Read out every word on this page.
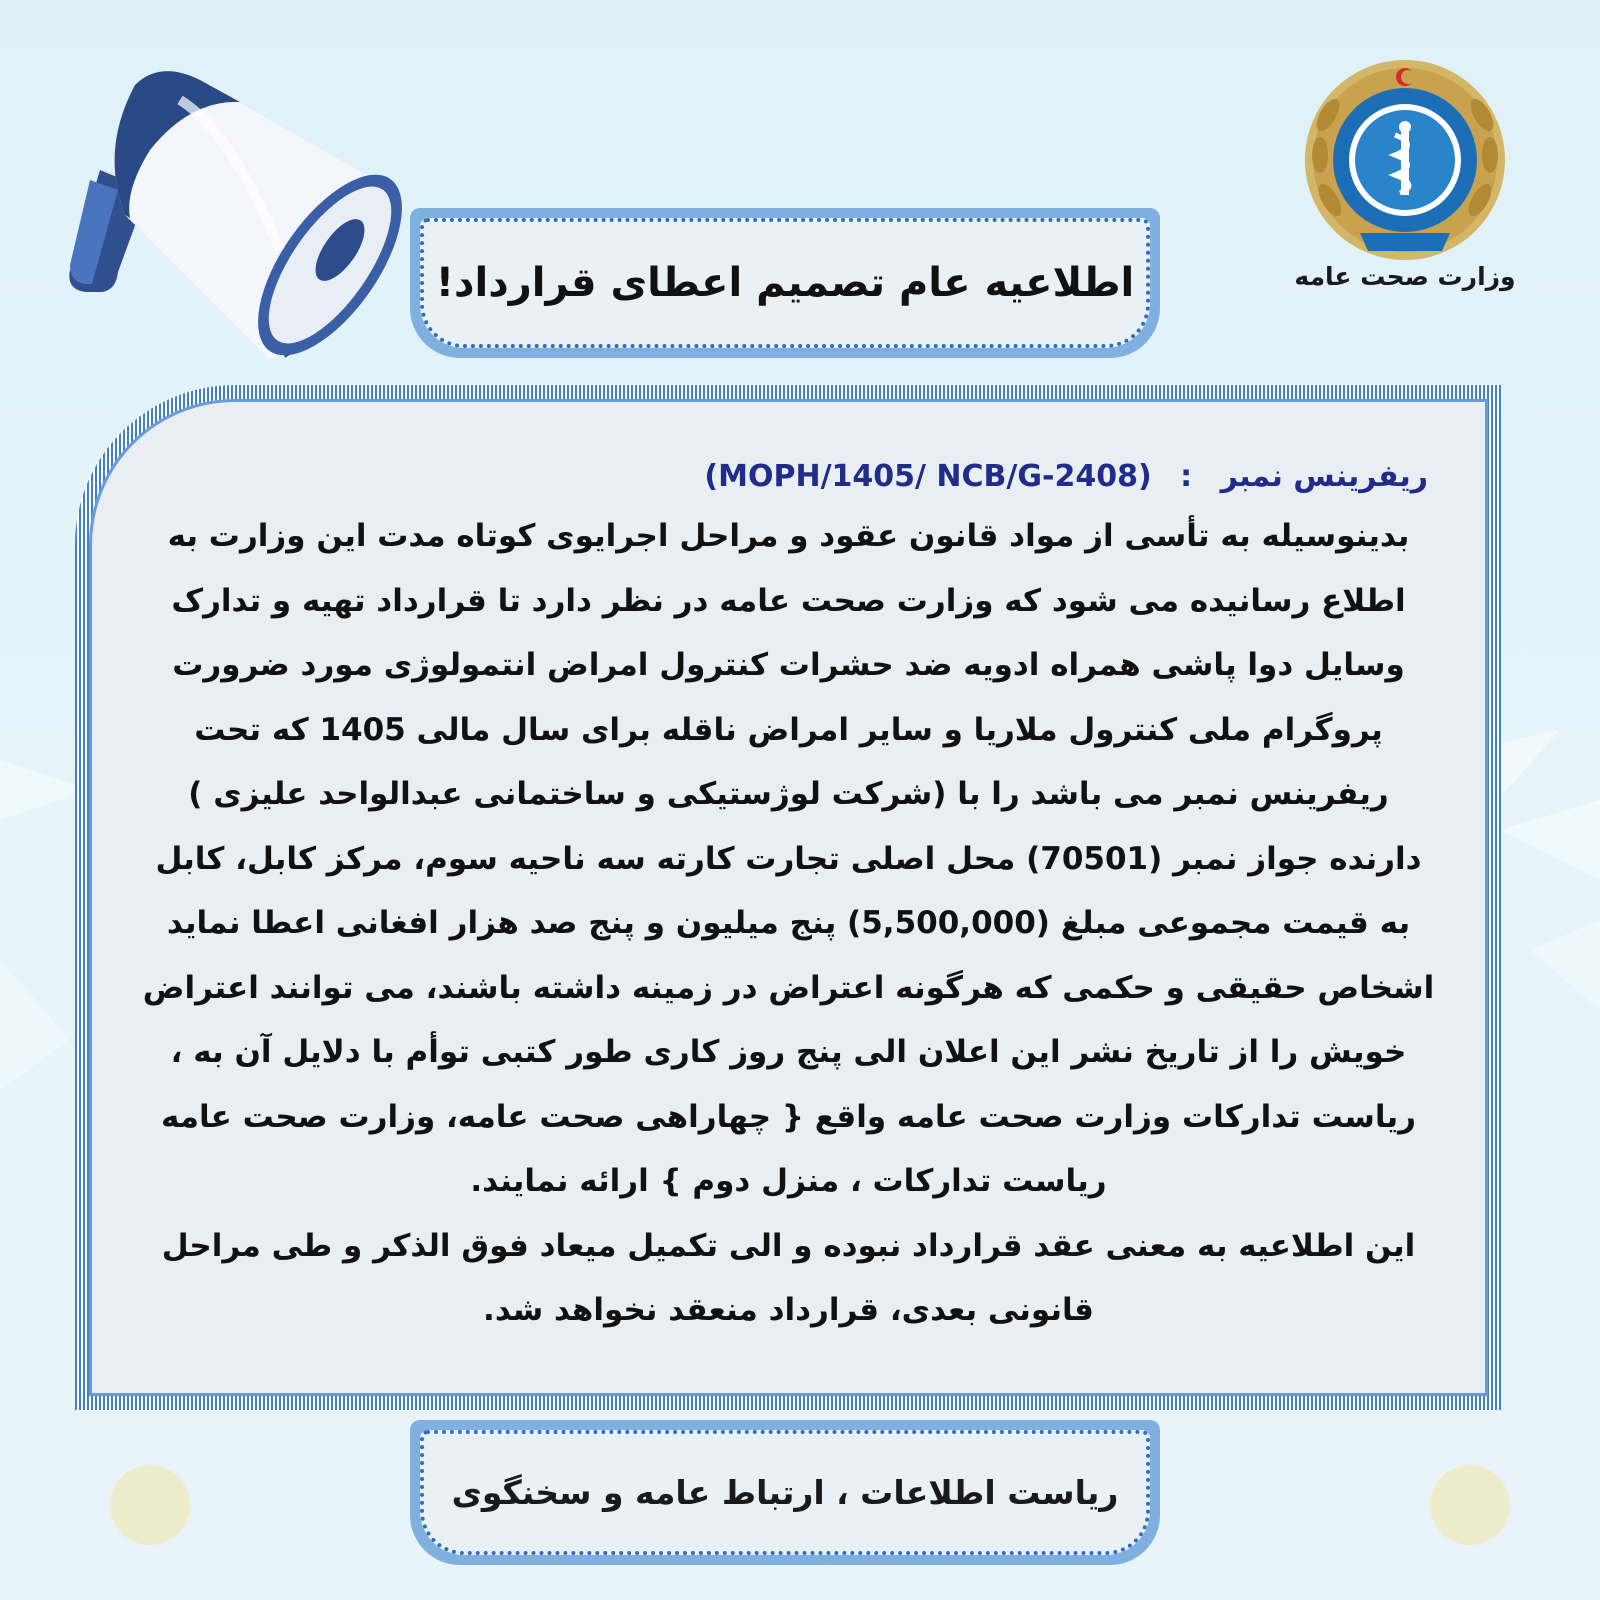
وزارت صحت عامه
اطلاعیه عام تصمیم اعطای قرارداد!
ریفرینس نمبر : (MOPH/1405/ NCB/G-2408)

بدینوسیله به تأسی از مواد قانون عقود و مراحل اجرایوی کوتاه مدت این وزارت به اطلاع رسانیده می شود که وزارت صحت عامه در نظر دارد تا قرارداد تهیه و تدارک وسایل دوا پاشی همراه ادویه ضد حشرات کنترول امراض انتمولوژی مورد ضرورت پروگرام ملی کنترول ملاریا و سایر امراض ناقله برای سال مالی 1405 که تحت ریفرینس نمبر می باشد را با (شرکت لوژستیکی و ساختمانی عبدالواحد علیزی ) دارنده جواز نمبر (70501) محل اصلی تجارت کارته سه ناحیه سوم، مرکز کابل، کابل به قیمت مجموعی مبلغ (5,500,000) پنج میلیون و پنج صد هزار افغانی اعطا نماید

اشخاص حقیقی و حکمی که هرگونه اعتراض در زمینه داشته باشند، می توانند اعتراض خویش را از تاریخ نشر این اعلان الی پنج روز کاری طور کتبی توأم با دلایل آن به ، ریاست تدارکات وزارت صحت عامه واقع { چهاراهی صحت عامه، وزارت صحت عامه ریاست تدارکات ، منزل دوم } ارائه نمایند.

این اطلاعیه به معنی عقد قرارداد نبوده و الی تکمیل میعاد فوق الذکر و طی مراحل قانونی بعدی، قرارداد منعقد نخواهد شد.

ریاست اطلاعات ، ارتباط عامه و سخنگوی
